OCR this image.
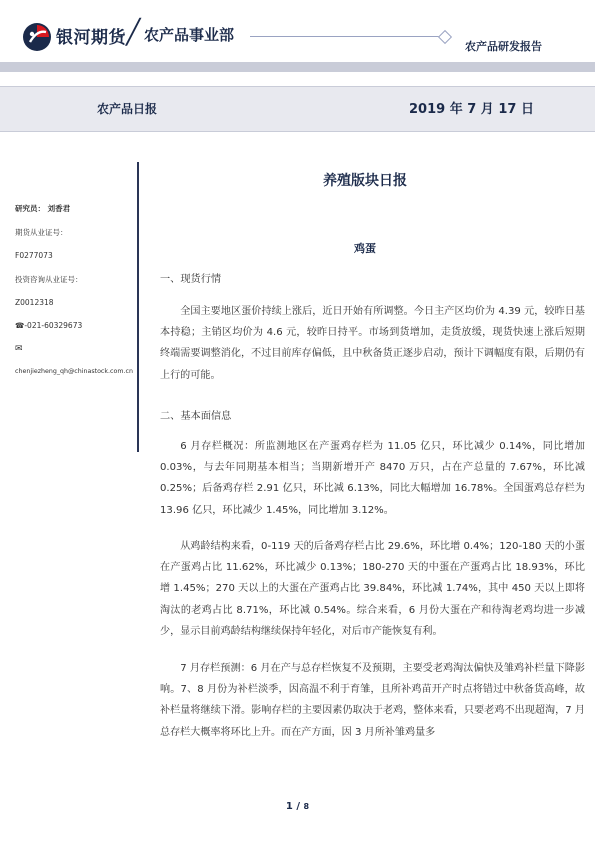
银河期货 ╱ 农产品事业部
农产品研发报告
农产品日报	2019 年 7 月 17 日
研究员： 刘香君
期货从业证号：
F0277073
投资咨询从业证号：
Z0012318
☎-021-60329673
✉
chenjiezheng_qh@chinastock.com.cn
养殖版块日报
鸡蛋
一、现货行情

全国主要地区蛋价持续上涨后，近日开始有所调整。今日主产区均价为 4.39 元，较昨日基本持稳；主销区均价为 4.6 元，较昨日持平。市场到货增加，走货放缓，现货快速上涨后短期终端需要调整消化，不过目前库存偏低，且中秋备货正逐步启动，预计下调幅度有限，后期仍有上行的可能。

二、基本面信息

6 月存栏概况：所监测地区在产蛋鸡存栏为 11.05 亿只，环比减少 0.14%，同比增加 0.03%，与去年同期基本相当；当期新增开产 8470 万只，占在产总量的 7.67%，环比减 0.25%；后备鸡存栏 2.91 亿只，环比减 6.13%，同比大幅增加 16.78%。全国蛋鸡总存栏为 13.96 亿只，环比减少 1.45%，同比增加 3.12%。

从鸡龄结构来看，0-119 天的后备鸡存栏占比 29.6%，环比增 0.4%；120-180 天的小蛋在产蛋鸡占比 11.62%，环比减少 0.13%；180-270 天的中蛋在产蛋鸡占比 18.93%，环比增 1.45%；270 天以上的大蛋在产蛋鸡占比 39.84%，环比减 1.74%，其中 450 天以上即将淘汰的老鸡占比 8.71%，环比减 0.54%。综合来看，6 月份大蛋在产和待淘老鸡均进一步减少，显示目前鸡龄结构继续保持年轻化，对后市产能恢复有利。

7 月存栏预测：6 月在产与总存栏恢复不及预期，主要受老鸡淘汰偏快及雏鸡补栏量下降影响。7、8 月份为补栏淡季，因高温不利于育雏，且所补鸡苗开产时点将错过中秋备货高峰，故补栏量将继续下滑。影响存栏的主要因素仍取决于老鸡，整体来看，只要老鸡不出现超淘，7 月总存栏大概率将环比上升。而在产方面，因 3 月所补雏鸡量多

1 / 8
